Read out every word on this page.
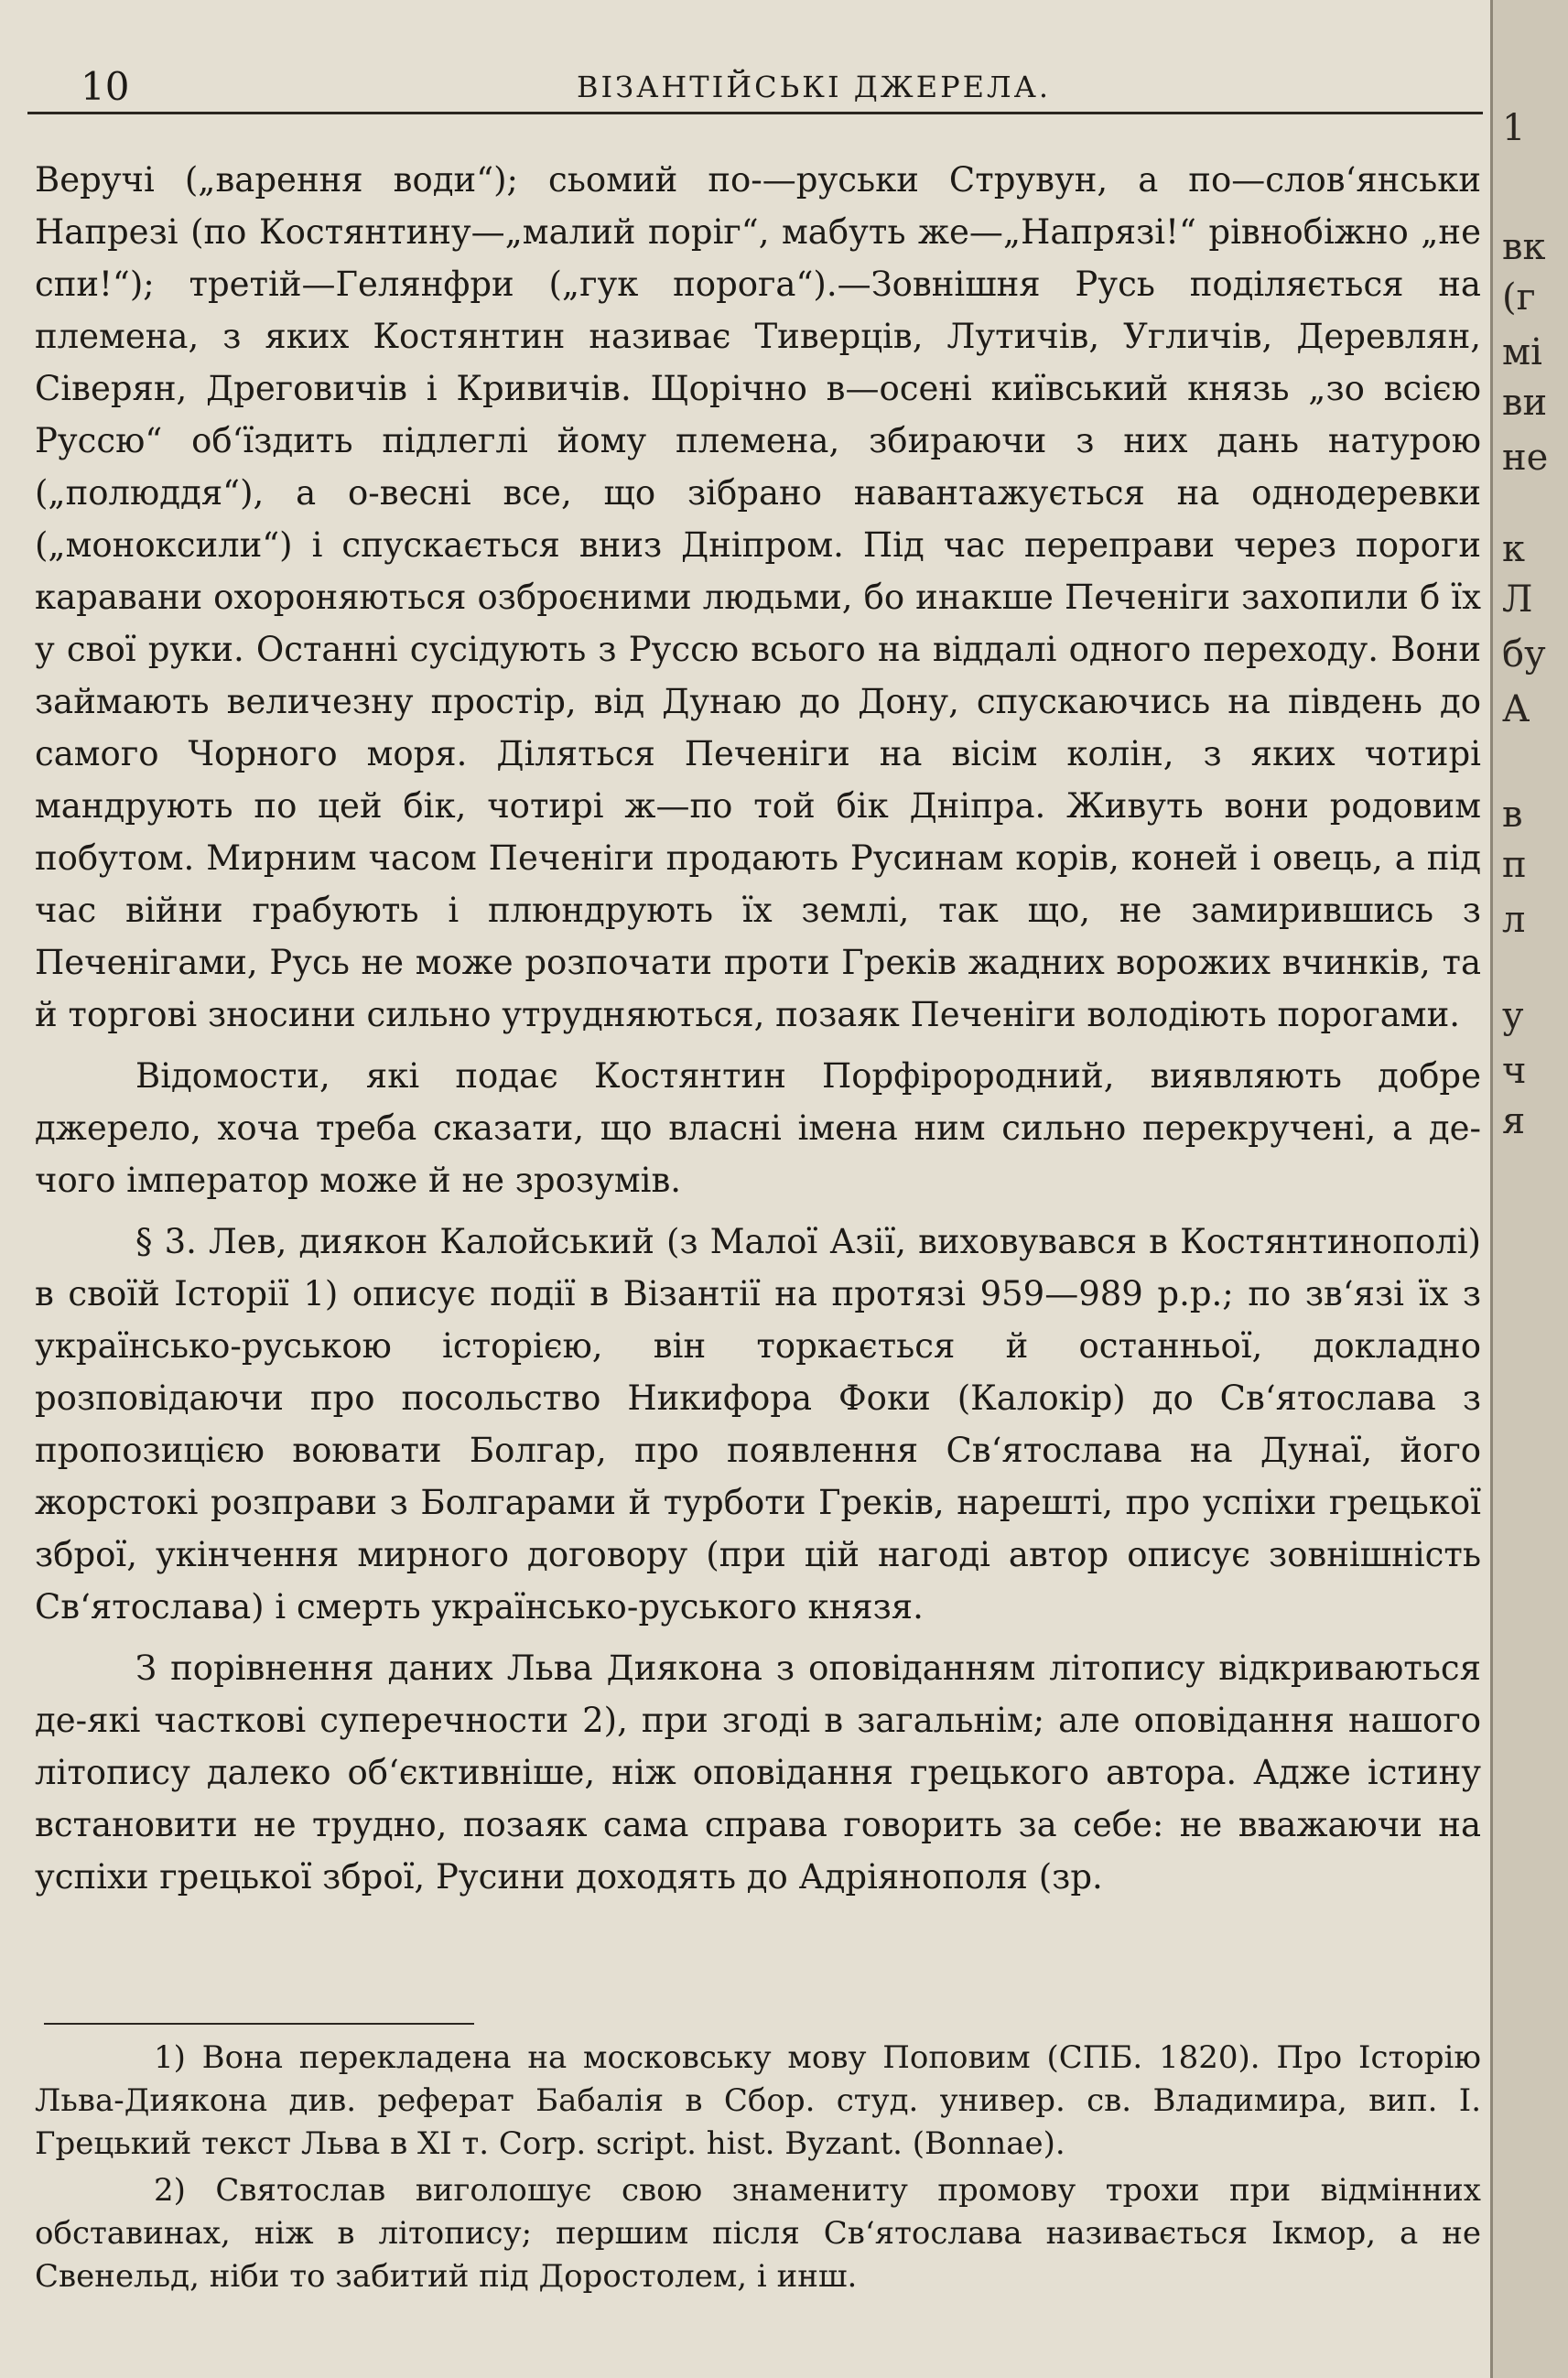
10	ВІЗАНТІЙСЬКІ ДЖЕРЕЛА.

Веручі („варення води“); сьомий по-—руськи Струвун, а по—слов‘янськи Напрезі (по Костянтину—„малий поріг“, мабуть же—„Напрязі!“ рівнобіжно „не спи!“); третій—Гелянфри („гук порога“).—Зовнішня Русь поділяється на племена, з яких Костянтин називає Тиверців, Лутичів, Угличів, Деревлян, Сіверян, Дреговичів і Кривичів. Щорічно в—осені київський князь „зо всією Руссю“ об‘їздить підлеглі йому племена, збираючи з них дань натурою („полюддя“), а о-весні все, що зібрано навантажується на однодеревки („моноксили“) і спускається вниз Дніпром. Під час переправи через пороги каравани охороняються озброєними людьми, бо инакше Печеніги захопили б їх у свої руки. Останні сусідують з Руссю всього на віддалі одного переходу. Вони займають величезну простір, від Дунаю до Дону, спускаючись на південь до самого Чорного моря. Діляться Печеніги на вісім колін, з яких чотирі мандрують по цей бік, чотирі ж—по той бік Дніпра. Живуть вони родовим побутом. Мирним часом Печеніги продають Русинам корів, коней і овець, а під час війни грабують і плюндрують їх землі, так що, не замирившись з Печенігами, Русь не може розпочати проти Греків жадних ворожих вчинків, та й торгові зносини сильно утрудняються, позаяк Печеніги володіють порогами.

Відомости, які подає Костянтин Порфірородний, виявляють добре джерело, хоча треба сказати, що власні імена ним сильно перекручені, а де-чого імператор може й не зрозумів.

§ 3. Лев, диякон Калойський (з Малої Азії, виховувався в Костянтинополі) в своїй Історії 1) описує події в Візантії на протязі 959—989 р.р.; по зв‘язі їх з українсько-руською історією, він торкається й останньої, докладно розповідаючи про посольство Никифора Фоки (Калокір) до Св‘ятослава з пропозицією воювати Болгар, про появлення Св‘ятослава на Дунаї, його жорстокі розправи з Болгарами й турботи Греків, нарешті, про успіхи грецької зброї, укінчення мирного договору (при цій нагоді автор описує зовнішність Св‘ятослава) і смерть українсько-руського князя.

З порівнення даних Льва Диякона з оповіданням літопису відкриваються де-які часткові суперечности 2), при згоді в загальнім; але оповідання нашого літопису далеко об‘єктивніше, ніж оповідання грецького автора. Адже істину встановити не трудно, позаяк сама справа говорить за себе: не вважаючи на успіхи грецької зброї, Русини доходять до Адріянополя (зр.

1) Вона перекладена на московську мову Поповим (СПБ. 1820). Про Історію Льва-Диякона див. реферат Бабалія в Сбор. студ. универ. св. Владимира, вип. I. Грецький текст Льва в XI т. Corp. script. hist. Byzant. (Bonnae).

2) Святослав виголошує свою знамениту промову трохи при відмінних обставинах, ніж в літопису; першим після Св‘ятослава називається Ікмор, а не Свенельд, ніби то забитий під Доростолем, і инш.

1
вк
(г
мі
ви
не
к
Л
бу
А
в
п
л
у
ч
я
